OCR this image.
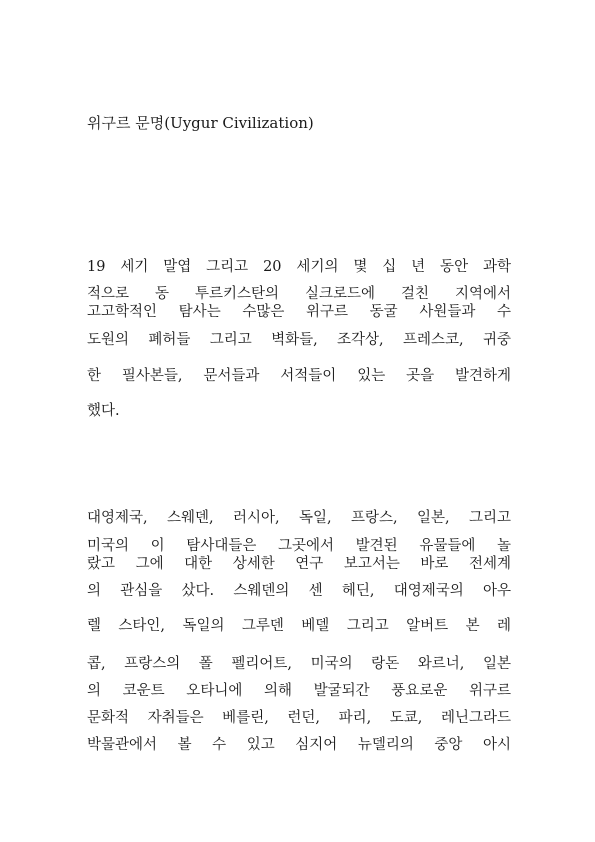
위구르 문명(Uygur Civilization)
19 세기 말엽 그리고 20 세기의 몇 십 년 동안 과학
적으로 동 투르키스탄의 실크로드에 걸친 지역에서
고고학적인 탐사는 수많은 위구르 동굴 사원들과 수
도원의 폐허들 그리고 벽화들, 조각상, 프레스코, 귀중
한 필사본들, 문서들과 서적들이 있는 곳을 발견하게
했다.
대영제국, 스웨덴, 러시아, 독일, 프랑스, 일본, 그리고
미국의 이 탐사대들은 그곳에서 발견된 유물들에 놀
랐고 그에 대한 상세한 연구 보고서는 바로 전세계
의 관심을 샀다. 스웨덴의 센 헤딘, 대영제국의 아우
렐 스타인, 독일의 그루덴 베델 그리고 알버트 본 레
콥, 프랑스의 폴 펠리어트, 미국의 랑돈 와르너, 일본
의 코운트 오타니에 의해 발굴되간 풍요로운 위구르
문화적 자취들은 베를린, 런던, 파리, 도쿄, 레닌그라드
박물관에서 볼 수 있고 심지어 뉴델리의 중앙 아시
